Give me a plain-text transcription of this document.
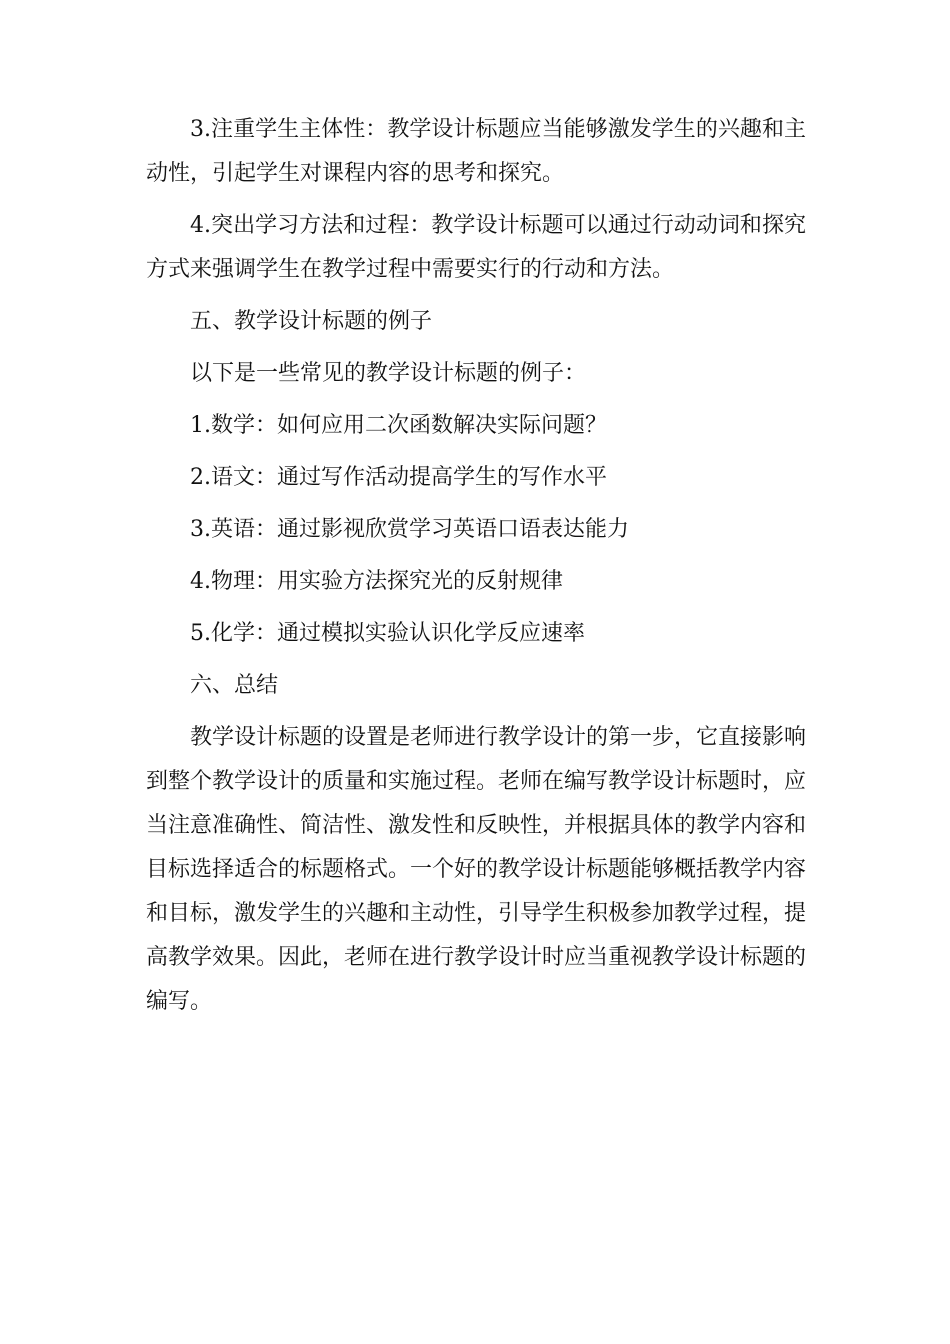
3.注重学生主体性：教学设计标题应当能够激发学生的兴趣和主动性，引起学生对课程内容的思考和探究。

4.突出学习方法和过程：教学设计标题可以通过行动动词和探究方式来强调学生在教学过程中需要实行的行动和方法。

五、教学设计标题的例子

以下是一些常见的教学设计标题的例子：

1.数学：如何应用二次函数解决实际问题？

2.语文：通过写作活动提高学生的写作水平

3.英语：通过影视欣赏学习英语口语表达能力

4.物理：用实验方法探究光的反射规律

5.化学：通过模拟实验认识化学反应速率

六、总结

教学设计标题的设置是老师进行教学设计的第一步，它直接影响到整个教学设计的质量和实施过程。老师在编写教学设计标题时，应当注意准确性、简洁性、激发性和反映性，并根据具体的教学内容和目标选择适合的标题格式。一个好的教学设计标题能够概括教学内容和目标，激发学生的兴趣和主动性，引导学生积极参加教学过程，提高教学效果。因此，老师在进行教学设计时应当重视教学设计标题的编写。
